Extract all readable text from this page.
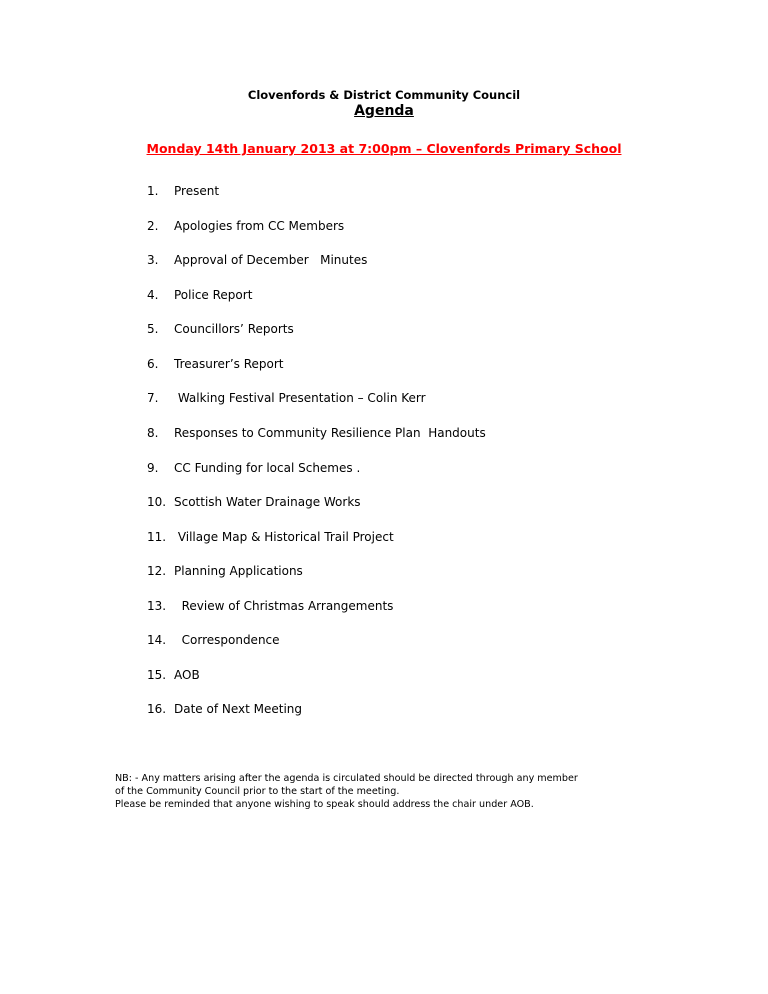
Clovenfords & District Community Council
Agenda
Monday 14th January 2013 at 7:00pm – Clovenfords Primary School
1. Present
2. Apologies from CC Members
3. Approval of December   Minutes
4. Police Report
5. Councillors’ Reports
6. Treasurer’s Report
7. Walking Festival Presentation – Colin Kerr
8. Responses to Community Resilience Plan  Handouts
9. CC Funding for local Schemes .
10. Scottish Water Drainage Works
11. Village Map & Historical Trail Project
12. Planning Applications
13.  Review of Christmas Arrangements
14.  Correspondence
15. AOB
16. Date of Next Meeting
NB: - Any matters arising after the agenda is circulated should be directed through any member
of the Community Council prior to the start of the meeting.
Please be reminded that anyone wishing to speak should address the chair under AOB.
